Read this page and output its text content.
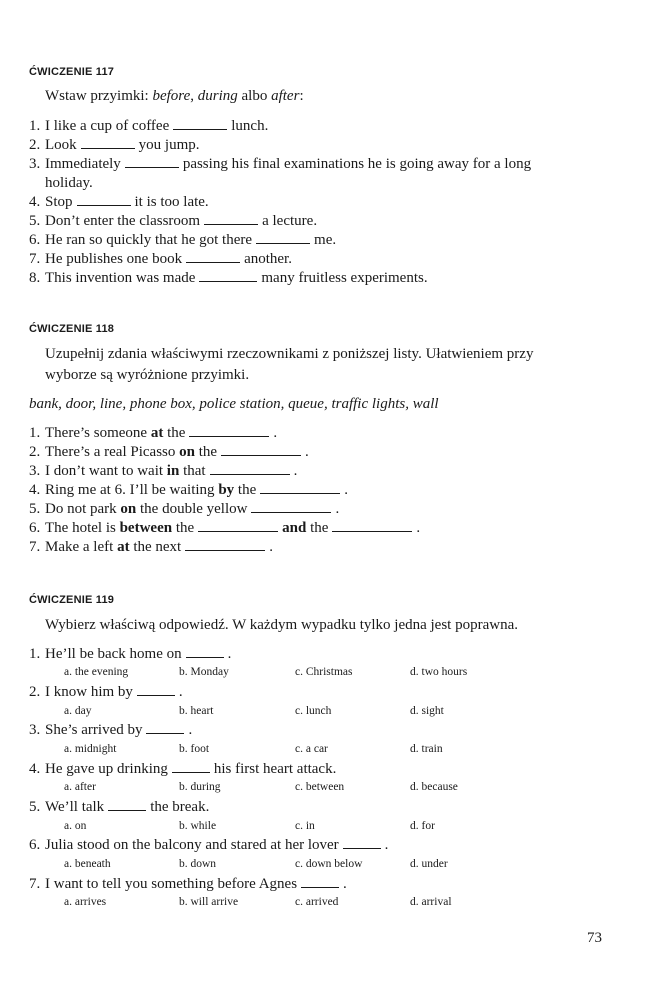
ĆWICZENIE 117
Wstaw przyimki: before, during albo after:
1. I like a cup of coffee	lunch.
2. Look	you jump.
3. Immediately	passing his final examinations he is going away for a long
holiday.
4. Stop	it is too late.
5. Don’t enter the classroom	a lecture.
6. He ran so quickly that he got there	me.
7. He publishes one book	another.
8. This invention was made	many fruitless experiments.
ĆWICZENIE 118
Uzupełnij zdania właściwymi rzeczownikami z poniższej listy. Ułatwieniem przy
wyborze są wyróżnione przyimki.
bank, door, line, phone box, police station, queue, traffic lights, wall
1. There’s someone at the	.
2. There’s a real Picasso on the	.
3. I don’t want to wait in that	.
4. Ring me at 6. I’ll be waiting by the	.
5. Do not park on the double yellow	.
6. The hotel is between the	and the	.
7. Make a left at the next	.
ĆWICZENIE 119
Wybierz właściwą odpowiedź. W każdym wypadku tylko jedna jest poprawna.
1. He’ll be back home on	.
a. the evening	b. Monday	c. Christmas	d. two hours
2. I know him by	.
a. day	b. heart	c. lunch	d. sight
3. She’s arrived by	.
a. midnight	b. foot	c. a car	d. train
4. He gave up drinking	his first heart attack.
a. after	b. during	c. between	d. because
5. We’ll talk	the break.
a. on	b. while	c. in	d. for
6. Julia stood on the balcony and stared at her lover	.
a. beneath	b. down	c. down below	d. under
7. I want to tell you something before Agnes	.
a. arrives	b. will arrive	c. arrived	d. arrival
73
